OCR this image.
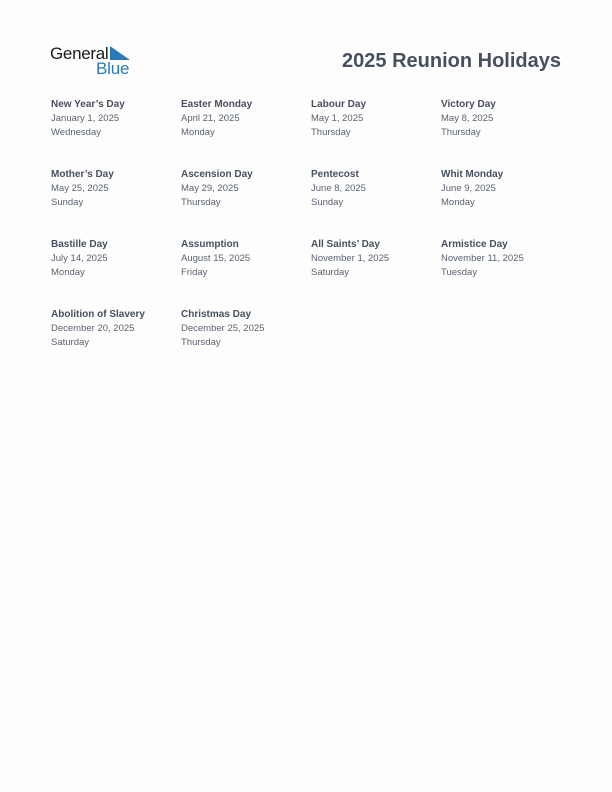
General
Blue	2025 Reunion Holidays
New Year’s Day
January 1, 2025
Wednesday
Easter Monday
April 21, 2025
Monday
Labour Day
May 1, 2025
Thursday
Victory Day
May 8, 2025
Thursday
Mother’s Day
May 25, 2025
Sunday
Ascension Day
May 29, 2025
Thursday
Pentecost
June 8, 2025
Sunday
Whit Monday
June 9, 2025
Monday
Bastille Day
July 14, 2025
Monday
Assumption
August 15, 2025
Friday
All Saints’ Day
November 1, 2025
Saturday
Armistice Day
November 11, 2025
Tuesday
Abolition of Slavery
December 20, 2025
Saturday
Christmas Day
December 25, 2025
Thursday
